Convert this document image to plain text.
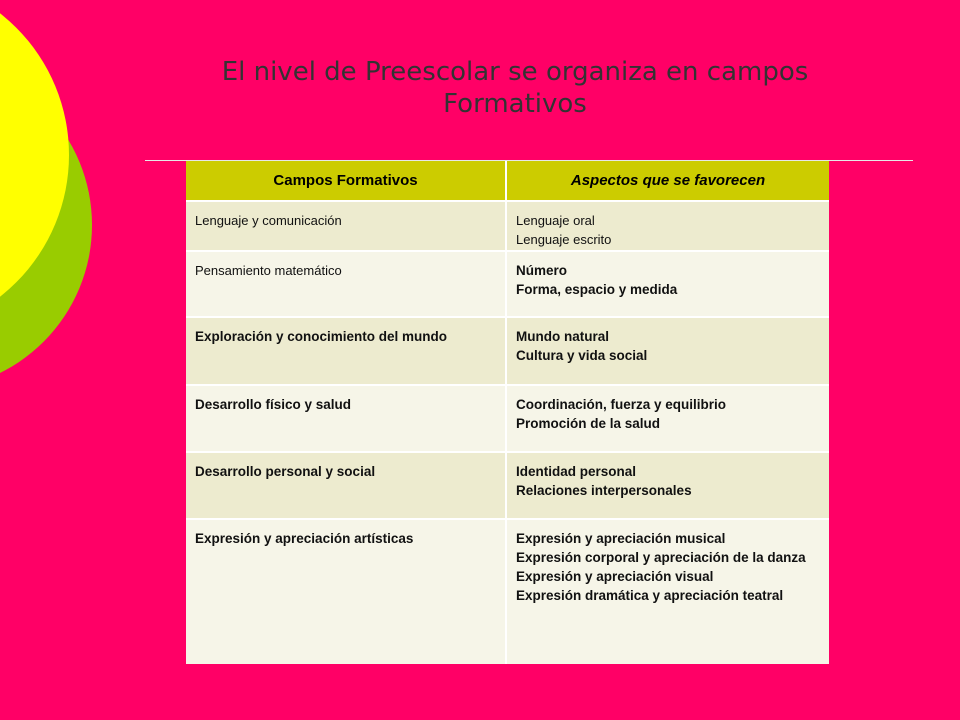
El nivel de Preescolar se organiza en campos Formativos
Campos Formativos	Aspectos que se favorecen
Lenguaje y comunicación	Lenguaje oral
Lenguaje escrito

Pensamiento matemático	Número
Forma, espacio y medida

Exploración y conocimiento del mundo	Mundo natural
Cultura y vida social

Desarrollo físico y salud	Coordinación, fuerza y equilibrio
Promoción de la salud

Desarrollo personal y social	Identidad personal
Relaciones interpersonales

Expresión y apreciación artísticas	Expresión y apreciación musical
Expresión corporal y apreciación de la danza
Expresión y apreciación visual
Expresión dramática y apreciación teatral
